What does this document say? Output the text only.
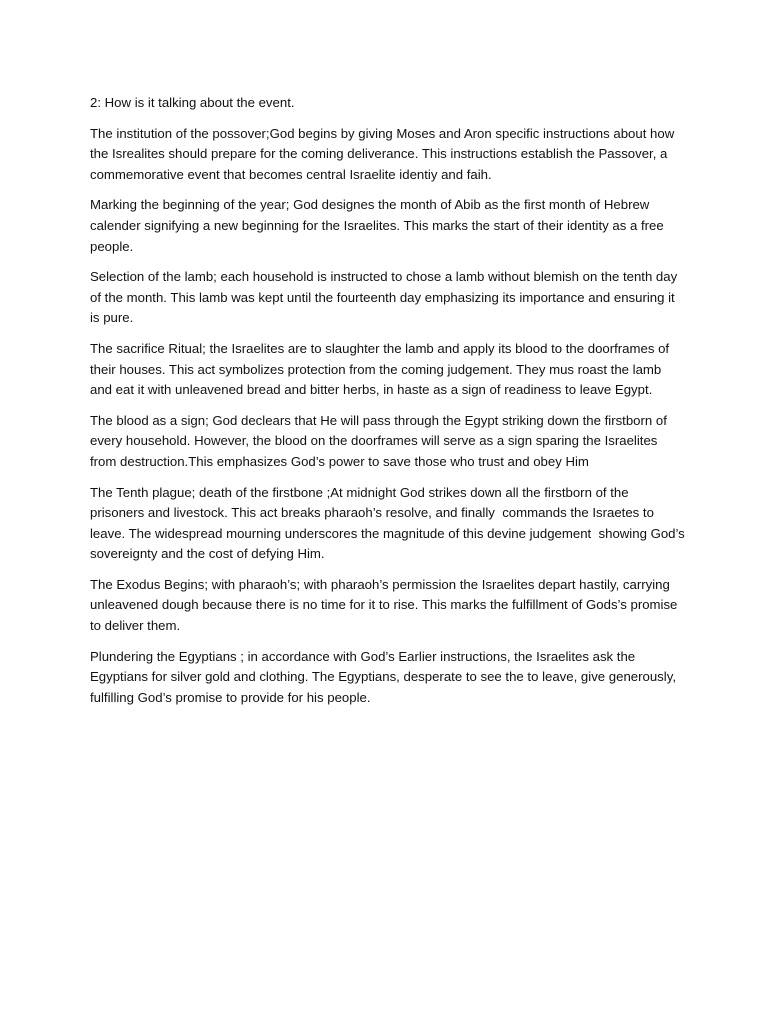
2: How is it talking about the event.

The institution of the possover;God begins by giving Moses and Aron specific instructions about how the Isrealites should prepare for the coming deliverance. This instructions establish the Passover, a commemorative event that becomes central Israelite identiy and faih.

Marking the beginning of the year; God designes the month of Abib as the first month of Hebrew calender signifying a new beginning for the Israelites. This marks the start of their identity as a free people.

Selection of the lamb; each household is instructed to chose a lamb without blemish on the tenth day of the month. This lamb was kept until the fourteenth day emphasizing its importance and ensuring it is pure.

The sacrifice Ritual; the Israelites are to slaughter the lamb and apply its blood to the doorframes of their houses. This act symbolizes protection from the coming judgement. They mus roast the lamb and eat it with unleavened bread and bitter herbs, in haste as a sign of readiness to leave Egypt.

The blood as a sign; God declears that He will pass through the Egypt striking down the firstborn of every household. However, the blood on the doorframes will serve as a sign sparing the Israelites from destruction.This emphasizes God’s power to save those who trust and obey Him

The Tenth plague; death of the firstbone ;At midnight God strikes down all the firstborn of the prisoners and livestock. This act breaks pharaoh’s resolve, and finally  commands the Israetes to leave. The widespread mourning underscores the magnitude of this devine judgement  showing God’s  sovereignty and the cost of defying Him.

The Exodus Begins; with pharaoh’s; with pharaoh’s permission the Israelites depart hastily, carrying unleavened dough because there is no time for it to rise. This marks the fulfillment of Gods’s promise to deliver them.

Plundering the Egyptians ; in accordance with God’s Earlier instructions, the Israelites ask the Egyptians for silver gold and clothing. The Egyptians, desperate to see the to leave, give generously, fulfilling God’s promise to provide for his people.
